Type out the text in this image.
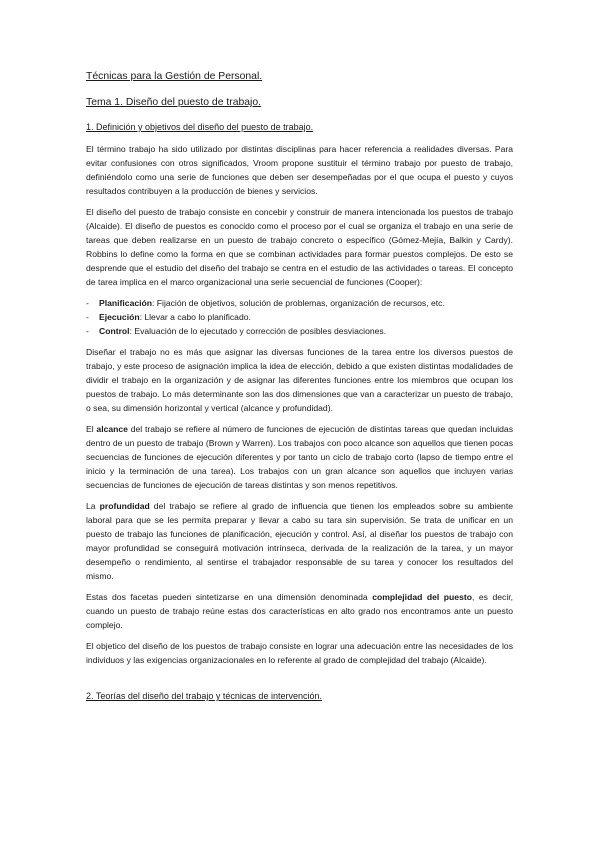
Técnicas para la Gestión de Personal.
Tema 1. Diseño del puesto de trabajo.
1. Definición y objetivos del diseño del puesto de trabajo.

El término trabajo ha sido utilizado por distintas disciplinas para hacer referencia a realidades diversas. Para evitar confusiones con otros significados, Vroom propone sustituir el término trabajo por puesto de trabajo, definiéndolo como una serie de funciones que deben ser desempeñadas por el que ocupa el puesto y cuyos resultados contribuyen a la producción de bienes y servicios.

El diseño del puesto de trabajo consiste en concebir y construir de manera intencionada los puestos de trabajo (Alcaide). El diseño de puestos es conocido como el proceso por el cual se organiza el trabajo en una serie de tareas que deben realizarse en un puesto de trabajo concreto o específico (Gómez-Mejía, Balkin y Cardy). Robbins lo define como la forma en que se combinan actividades para formar puestos complejos. De esto se desprende que el estudio del diseño del trabajo se centra en el estudio de las actividades o tareas. El concepto de tarea implica en el marco organizacional una serie secuencial de funciones (Cooper):

- Planificación: Fijación de objetivos, solución de problemas, organización de recursos, etc.
- Ejecución: Llevar a cabo lo planificado.
- Control: Evaluación de lo ejecutado y corrección de posibles desviaciones.

Diseñar el trabajo no es más que asignar las diversas funciones de la tarea entre los diversos puestos de trabajo, y este proceso de asignación implica la idea de elección, debido a que existen distintas modalidades de dividir el trabajo en la organización y de asignar las diferentes funciones entre los miembros que ocupan los puestos de trabajo. Lo más determinante son las dos dimensiones que van a caracterizar un puesto de trabajo, o sea, su dimensión horizontal y vertical (alcance y profundidad).

El alcance del trabajo se refiere al número de funciones de ejecución de distintas tareas que quedan incluidas dentro de un puesto de trabajo (Brown y Warren). Los trabajos con poco alcance son aquellos que tienen pocas secuencias de funciones de ejecución diferentes y por tanto un ciclo de trabajo corto (lapso de tiempo entre el inicio y la terminación de una tarea). Los trabajos con un gran alcance son aquellos que incluyen varias secuencias de funciones de ejecución de tareas distintas y son menos repetitivos.

La profundidad del trabajo se refiere al grado de influencia que tienen los empleados sobre su ambiente laboral para que se les permita preparar y llevar a cabo su tara sin supervisión. Se trata de unificar en un puesto de trabajo las funciones de planificación, ejecución y control. Así, al diseñar los puestos de trabajo con mayor profundidad se conseguirá motivación intrínseca, derivada de la realización de la tarea, y un mayor desempeño o rendimiento, al sentirse el trabajador responsable de su tarea y conocer los resultados del mismo.

Estas dos facetas pueden sintetizarse en una dimensión denominada complejidad del puesto, es decir, cuando un puesto de trabajo reúne estas dos características en alto grado nos encontramos ante un puesto complejo.

El objetico del diseño de los puestos de trabajo consiste en lograr una adecuación entre las necesidades de los individuos y las exigencias organizacionales en lo referente al grado de complejidad del trabajo (Alcaide).

2. Teorías del diseño del trabajo y técnicas de intervención.
